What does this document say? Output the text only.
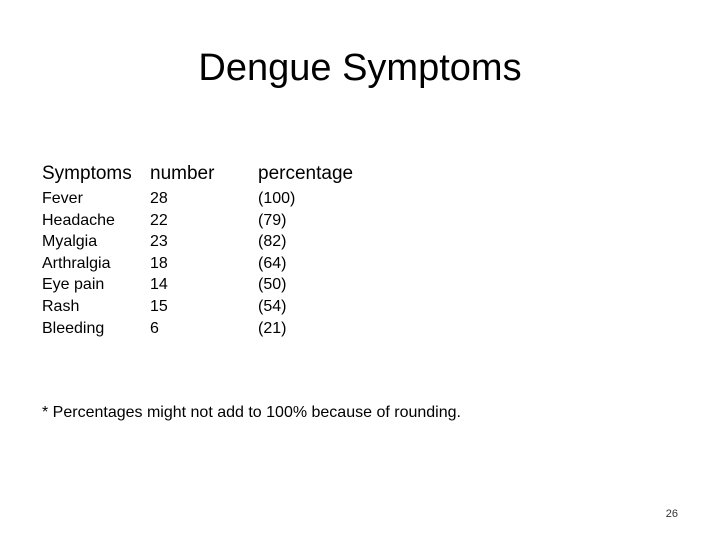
Dengue Symptoms
Symptoms
Fever
Headache
Myalgia
Arthralgia
Eye pain
Rash
Bleeding
number
28
22
23
18
14
15
6
percentage
(100)
(79)
(82)
(64)
(50)
(54)
(21)
* Percentages might not add to 100% because of rounding.
26
